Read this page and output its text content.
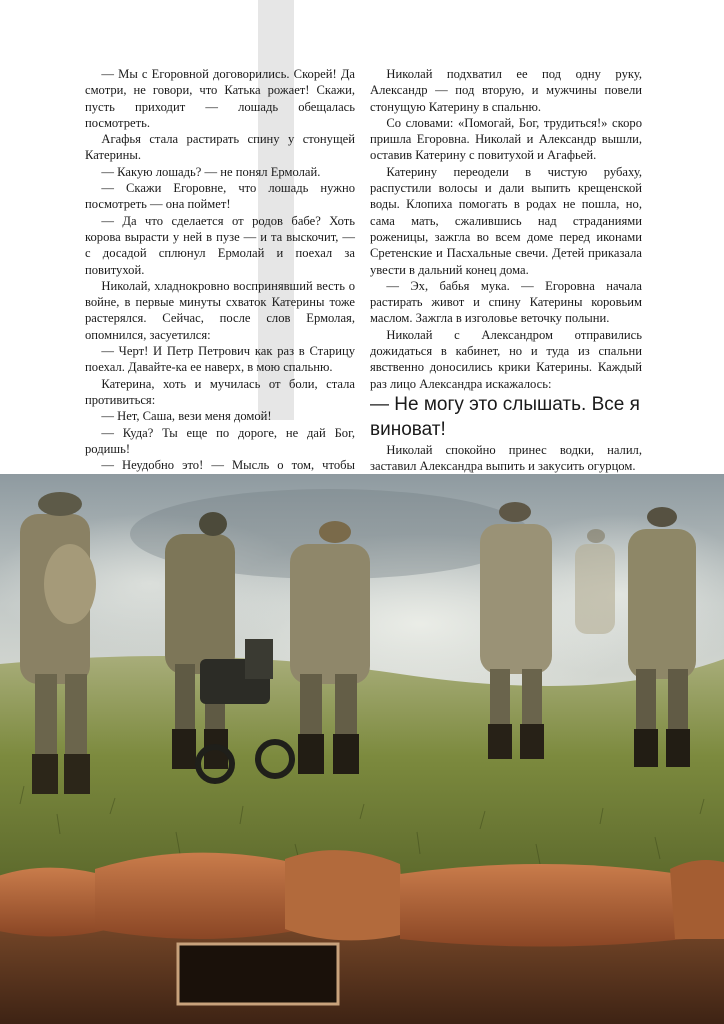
— Мы с Егоровной договорились. Скорей! Да смотри, не говори, что Катька рожает! Скажи, пусть приходит — лошадь обещалась посмотреть.

Агафья стала растирать спину у стонущей Катерины.

— Какую лошадь? — не понял Ермолай.

— Скажи Егоровне, что лошадь нужно посмотреть — она поймет!

— Да что сделается от родов бабе? Хоть корова вырасти у ней в пузе — и та выскочит, — с досадой сплюнул Ермолай и поехал за повитухой.

Николай, хладнокровно воспринявший весть о войне, в первые минуты схваток Катерины тоже растерялся. Сейчас, после слов Ермолая, опомнился, засуетился:

— Черт! И Петр Петрович как раз в Старицу поехал. Давайте-ка ее наверх, в мою спальню.

Катерина, хоть и мучилась от боли, стала противиться:

— Нет, Саша, вези меня домой!

— Куда? Ты еще по дороге, не дай Бог, родишь!

— Неудобно это! — Мысль о том, чтобы

Николай подхватил ее под одну руку, Александр — под вторую, и мужчины повели стонущую Катерину в спальню.

Со словами: «Помогай, Бог, трудиться!» скоро пришла Егоровна. Николай и Александр вышли, оставив Катерину с повитухой и Агафьей.

Катерину переодели в чистую рубаху, распустили волосы и дали выпить крещенской воды. Клопиха помогать в родах не пошла, но, сама мать, сжалившись над страданиями роженицы, зажгла во всем доме перед иконами Сретенские и Пасхальные свечи. Детей приказала увести в дальний конец дома.

— Эх, бабья мука. — Егоровна начала растирать живот и спину Катерины коровьим маслом. Зажгла в изголовье веточку полыни.

Николай с Александром отправились дожидаться в кабинет, но и туда из спальни явственно доносились крики Катерины. Каждый раз лицо Александра искажалось:

— Не могу это слышать. Все я виноват!

Николай спокойно принес водки, налил, заставил Александра выпить и закусить огурцом.
